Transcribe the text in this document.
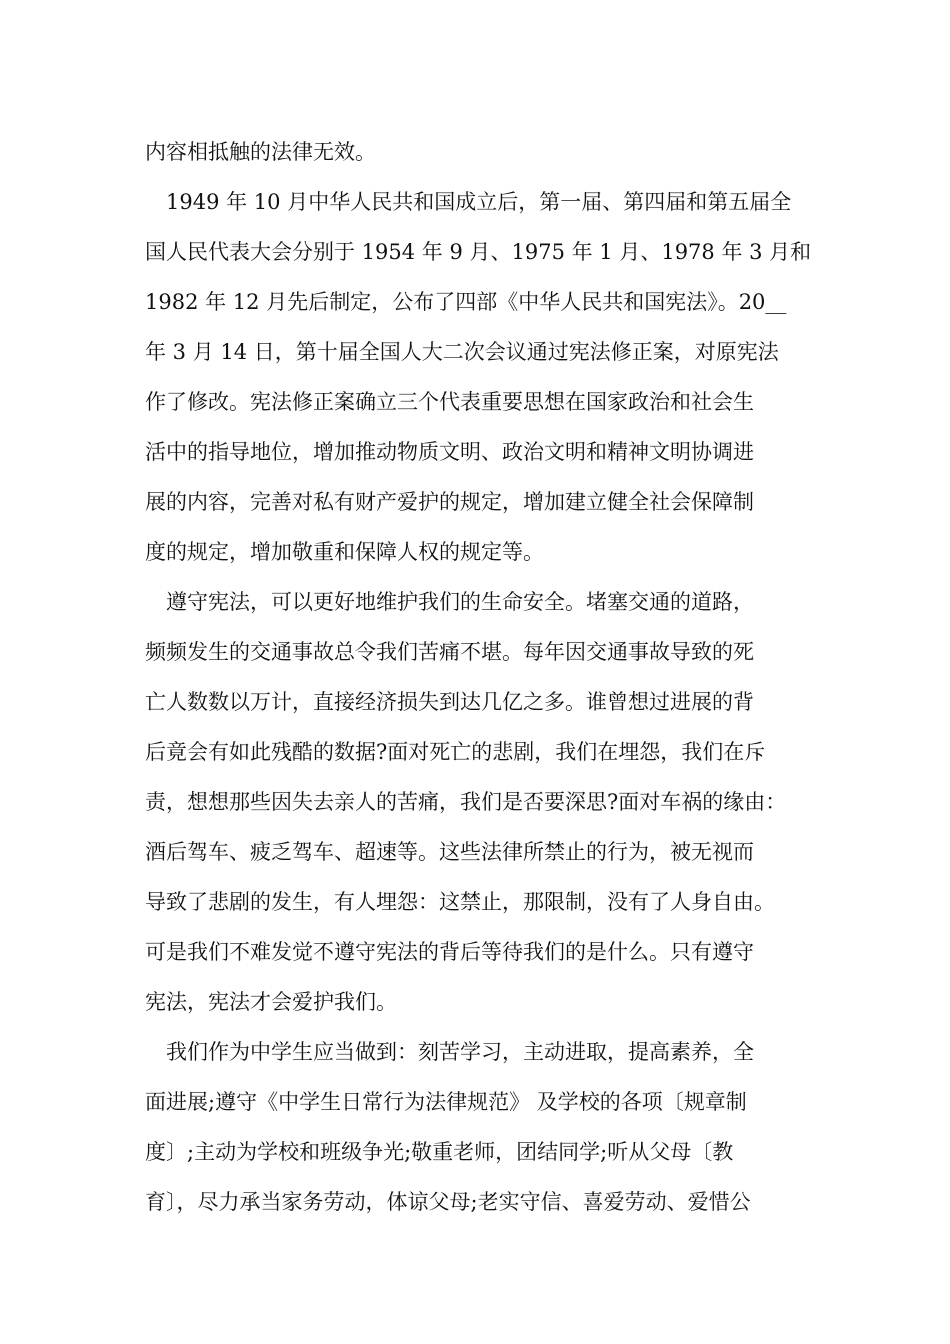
内容相抵触的法律无效。
1949 年 10 月中华人民共和国成立后，第一届、第四届和第五届全
国人民代表大会分别于 1954 年 9 月、1975 年 1 月、1978 年 3 月和
1982 年 12 月先后制定，公布了四部《中华人民共和国宪法》。20__
年 3 月 14 日，第十届全国人大二次会议通过宪法修正案，对原宪法
作了修改。宪法修正案确立三个代表重要思想在国家政治和社会生
活中的指导地位，增加推动物质文明、政治文明和精神文明协调进
展的内容，完善对私有财产爱护的规定，增加建立健全社会保障制
度的规定，增加敬重和保障人权的规定等。
遵守宪法，可以更好地维护我们的生命安全。堵塞交通的道路，
频频发生的交通事故总令我们苦痛不堪。每年因交通事故导致的死
亡人数数以万计，直接经济损失到达几亿之多。谁曾想过进展的背
后竟会有如此残酷的数据?面对死亡的悲剧，我们在埋怨，我们在斥
责，想想那些因失去亲人的苦痛，我们是否要深思?面对车祸的缘由：
酒后驾车、疲乏驾车、超速等。这些法律所禁止的行为，被无视而
导致了悲剧的发生，有人埋怨：这禁止，那限制，没有了人身自由。
可是我们不难发觉不遵守宪法的背后等待我们的是什么。只有遵守
宪法，宪法才会爱护我们。
我们作为中学生应当做到：刻苦学习，主动进取，提高素养，全
面进展;遵守《中学生日常行为法律规范》 及学校的各项〔规章制
度〕;主动为学校和班级争光;敬重老师，团结同学;听从父母〔教
育〕，尽力承当家务劳动，体谅父母;老实守信、喜爱劳动、爱惜公
